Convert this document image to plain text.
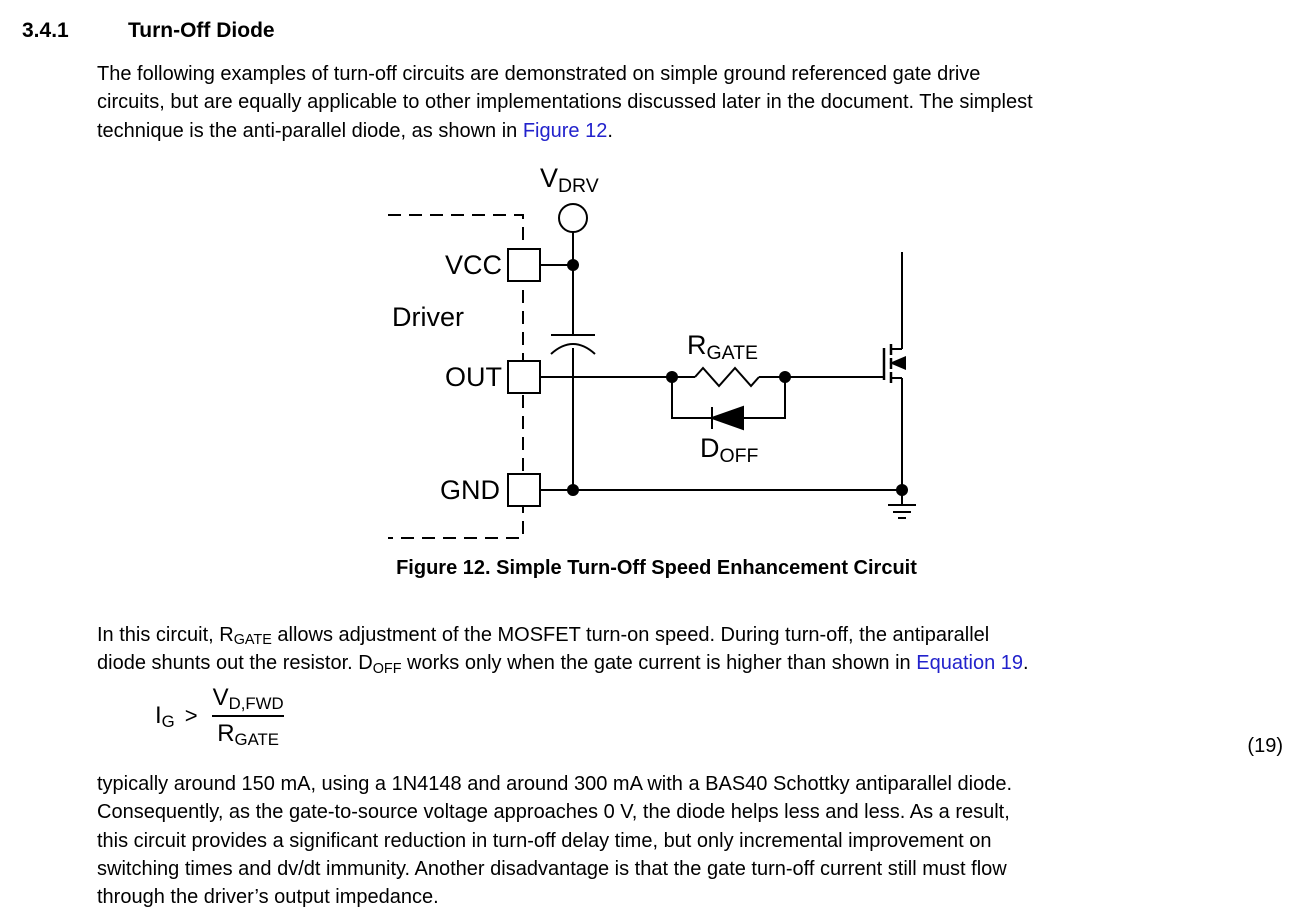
3.4.1	Turn-Off Diode
The following examples of turn-off circuits are demonstrated on simple ground referenced gate drive
circuits, but are equally applicable to other implementations discussed later in the document. The simplest
technique is the anti-parallel diode, as shown in Figure 12.
$V_{DRV}$
VCC
Driver
OUT
GND
$R_{GATE}$
$D_{OFF}$
Figure 12. Simple Turn-Off Speed Enhancement Circuit
In this circuit, $R_{GATE}$ allows adjustment of the MOSFET turn-on speed. During turn-off, the antiparallel
diode shunts out the resistor. $D_{OFF}$ works only when the gate current is higher than shown in Equation 19.
$I_G > \frac{V_{D,FWD}}{R_{GATE}}$	(19)
typically around 150 mA, using a 1N4148 and around 300 mA with a BAS40 Schottky antiparallel diode.
Consequently, as the gate-to-source voltage approaches 0 V, the diode helps less and less. As a result,
this circuit provides a significant reduction in turn-off delay time, but only incremental improvement on
switching times and dv/dt immunity. Another disadvantage is that the gate turn-off current still must flow
through the driver’s output impedance.
